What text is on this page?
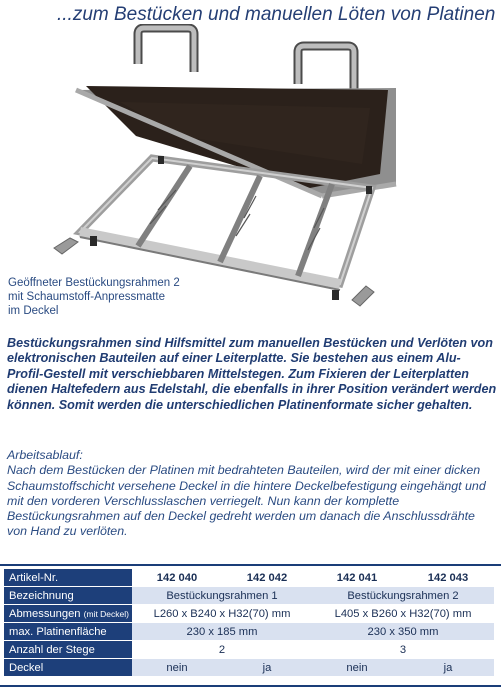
...zum Bestücken und manuellen Löten von Platinen
Geöffneter Bestückungsrahmen 2
mit Schaumstoff-Anpressmatte
im Deckel
Bestückungsrahmen sind Hilfsmittel zum manuellen Bestücken und Verlöten von elektronischen Bauteilen auf einer Leiterplatte. Sie bestehen aus einem Alu-Profil-Gestell mit verschiebbaren Mittelstegen. Zum Fixieren der Leiterplatten dienen Haltefedern aus Edelstahl, die ebenfalls in ihrer Position verändert werden können. Somit werden die unterschiedlichen Platinenformate sicher gehalten.
Arbeitsablauf:
Nach dem Bestücken der Platinen mit bedrahteten Bauteilen, wird der mit einer dicken Schaumstoffschicht versehene Deckel in die hintere Deckelbefestigung eingehängt und mit den vorderen Verschlusslaschen verriegelt. Nun kann der komplette Bestückungsrahmen auf den Deckel gedreht werden um danach die Anschlussdrähte von Hand zu verlöten.
Artikel-Nr.	142 040	142 042	142 041	142 043
Bezeichnung	Bestückungsrahmen 1		Bestückungsrahmen 2	
Abmessungen (mit Deckel)	L260 x B240 x H32(70) mm		L405 x B260 x H32(70) mm	
max. Platinenfläche	230 x 185 mm		230 x 350 mm	
Anzahl der Stege	2		3	
Deckel	nein	ja	nein	ja
